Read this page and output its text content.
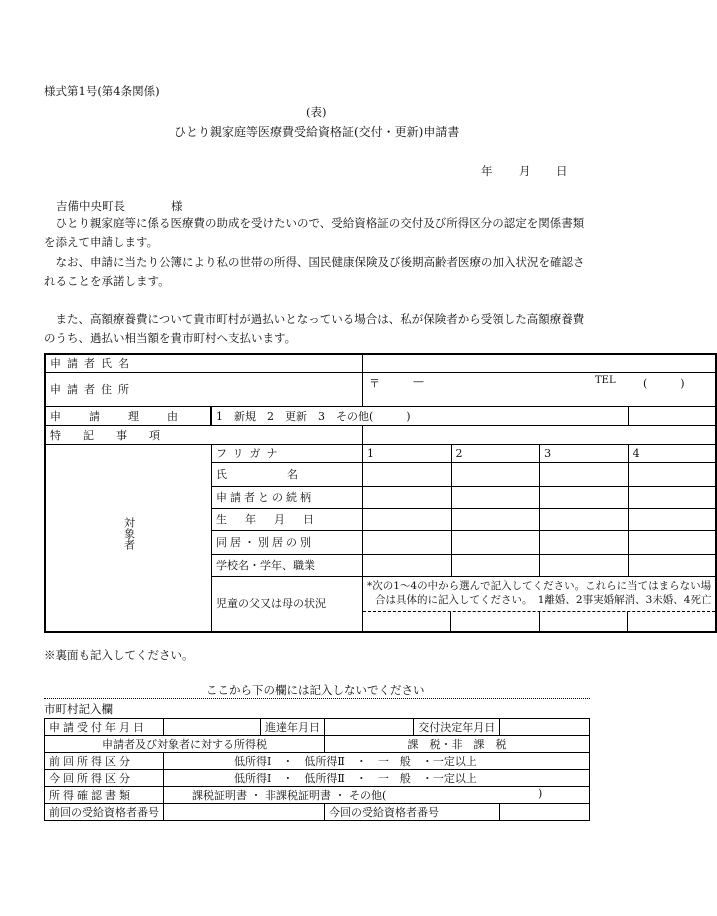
様式第1号(第4条関係)
(表)
ひとり親家庭等医療費受給資格証(交付・更新)申請書
年 月 日
吉備中央町長　　　　様
　ひとり親家庭等に係る医療費の助成を受けたいので、受給資格証の交付及び所得区分の認定を関係書類を添えて申請します。
　なお、申請に当たり公簿により私の世帯の所得、国民健康保険及び後期高齢者医療の加入状況を確認されることを承諾します。
　また、高額療養費について貴市町村が過払いとなっている場合は、私が保険者から受領した高額療養費のうち、過払い相当額を貴市町村へ支払います。
申請者氏名					
申請者住所		〒 — TEL (　　　)			

申請理由 1　新規　2　更新　3　その他(　　　)				
特記事項					
対象者	フリガナ	1	2	3	4
	氏名				
	申請者との続柄				
	生年月日				
	同居・別居の別				
	学校名・学年、職業				
	児童の父又は母の状況	*次の1〜4の中から選んで記入してください。これらに当てはまらない場
合は具体的に記入してください。　1離婚、2事実婚解消、3未婚、4死亡			
※裏面も記入してください。
ここから下の欄には記入しないでください
市町村記入欄
申請受付年月日		進達年月日		交付決定年月日	
申請者及び対象者に対する所得税			課　税・非　課　税		
前回所得区分	低所得Ⅰ　・　低所得Ⅱ　・　一　般　・一定以上				
今回所得区分	低所得Ⅰ　・　低所得Ⅱ　・　一　般　・一定以上				
所得確認書類	課税証明書 ・ 非課税証明書 ・ その他( )				

前回の受給資格者番号			今回の受給資格者番号		
